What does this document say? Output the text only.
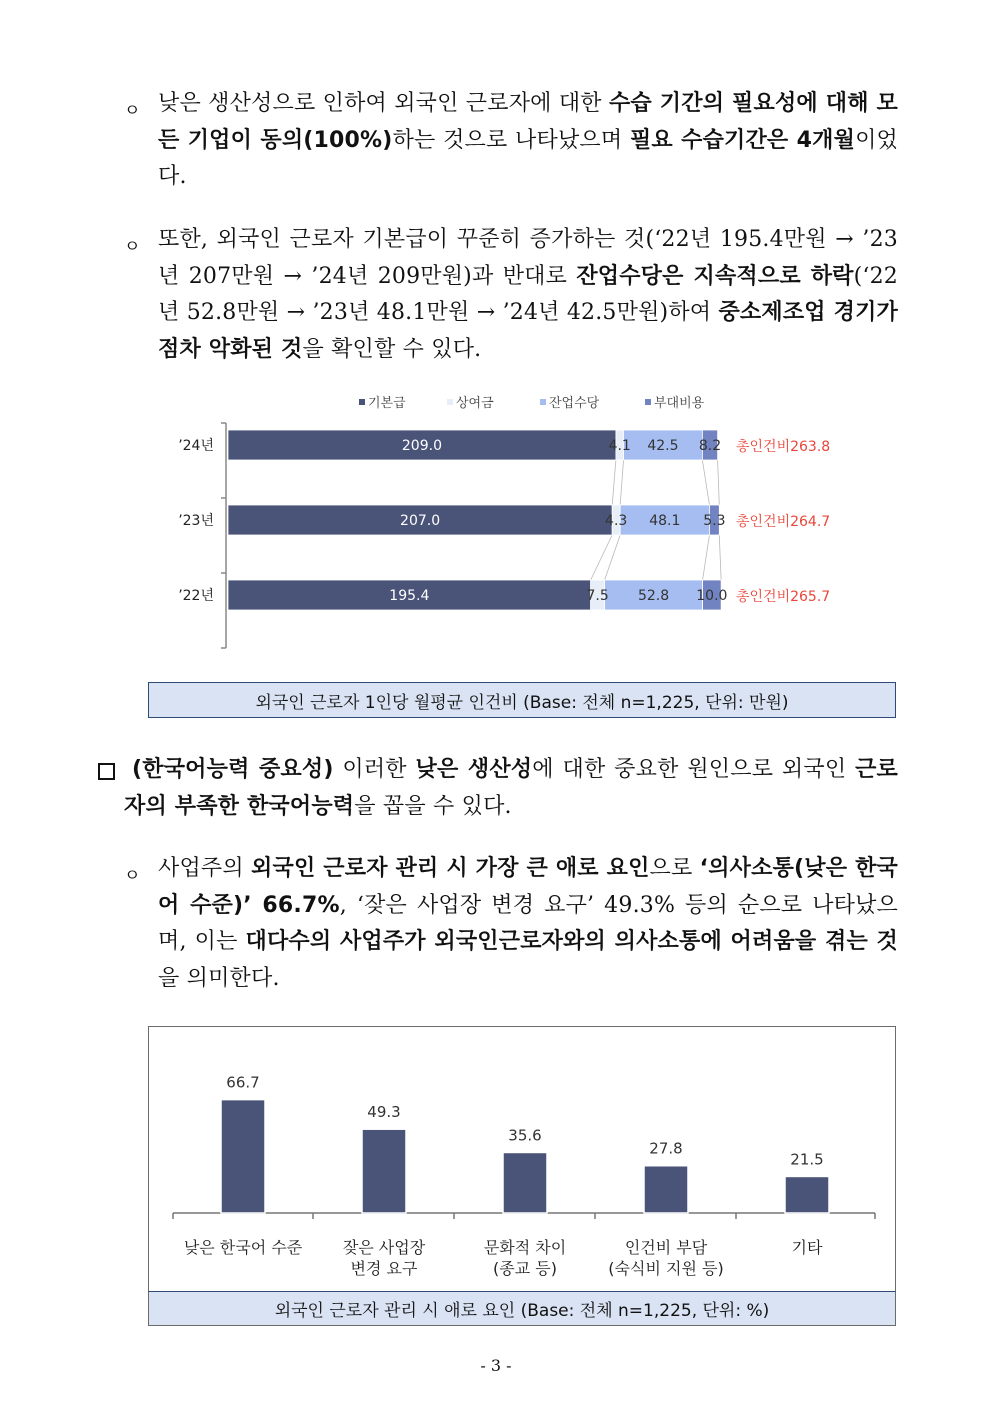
ㅇ 낮은 생산성으로 인하여 외국인 근로자에 대한 수습 기간의 필요성에 대해 모든 기업이 동의(100%)하는 것으로 나타났으며 필요 수습기간은 4개월이었다.

ㅇ 또한, 외국인 근로자 기본급이 꾸준히 증가하는 것(‘22년 195.4만원 → ’23년 207만원 → ’24년 209만원)과 반대로 잔업수당은 지속적으로 하락(‘22년 52.8만원 → ’23년 48.1만원 → ’24년 42.5만원)하여 중소제조업 경기가 점차 악화된 것을 확인할 수 있다.

기본급	상여금	잔업수당	부대비용
’24년	209.0	4.1 42.5 8.2 총인건비263.8
’23년	207.0	4.3 48.1 5.3 총인건비264.7
’22년	195.4	7.5 52.8 10.0 총인건비265.7
외국인 근로자 1인당 월평균 인건비 (Base: 전체 n=1,225, 단위: 만원)

(한국어능력 중요성) 이러한 낮은 생산성에 대한 중요한 원인으로 외국인 근로자의 부족한 한국어능력을 꼽을 수 있다.

ㅇ 사업주의 외국인 근로자 관리 시 가장 큰 애로 요인으로 ‘의사소통(낮은 한국어 수준)’ 66.7%, ‘잦은 사업장 변경 요구’ 49.3% 등의 순으로 나타났으며, 이는 대다수의 사업주가 외국인근로자와의 의사소통에 어려움을 겪는 것을 의미한다.

66.7
낮은 한국어 수준
49.3
잦은 사업장
변경 요구
35.6
문화적 차이
(종교 등)
27.8
인건비 부담
(숙식비 지원 등)
21.5
기타
외국인 근로자 관리 시 애로 요인 (Base: 전체 n=1,225, 단위: %)
- 3 -
